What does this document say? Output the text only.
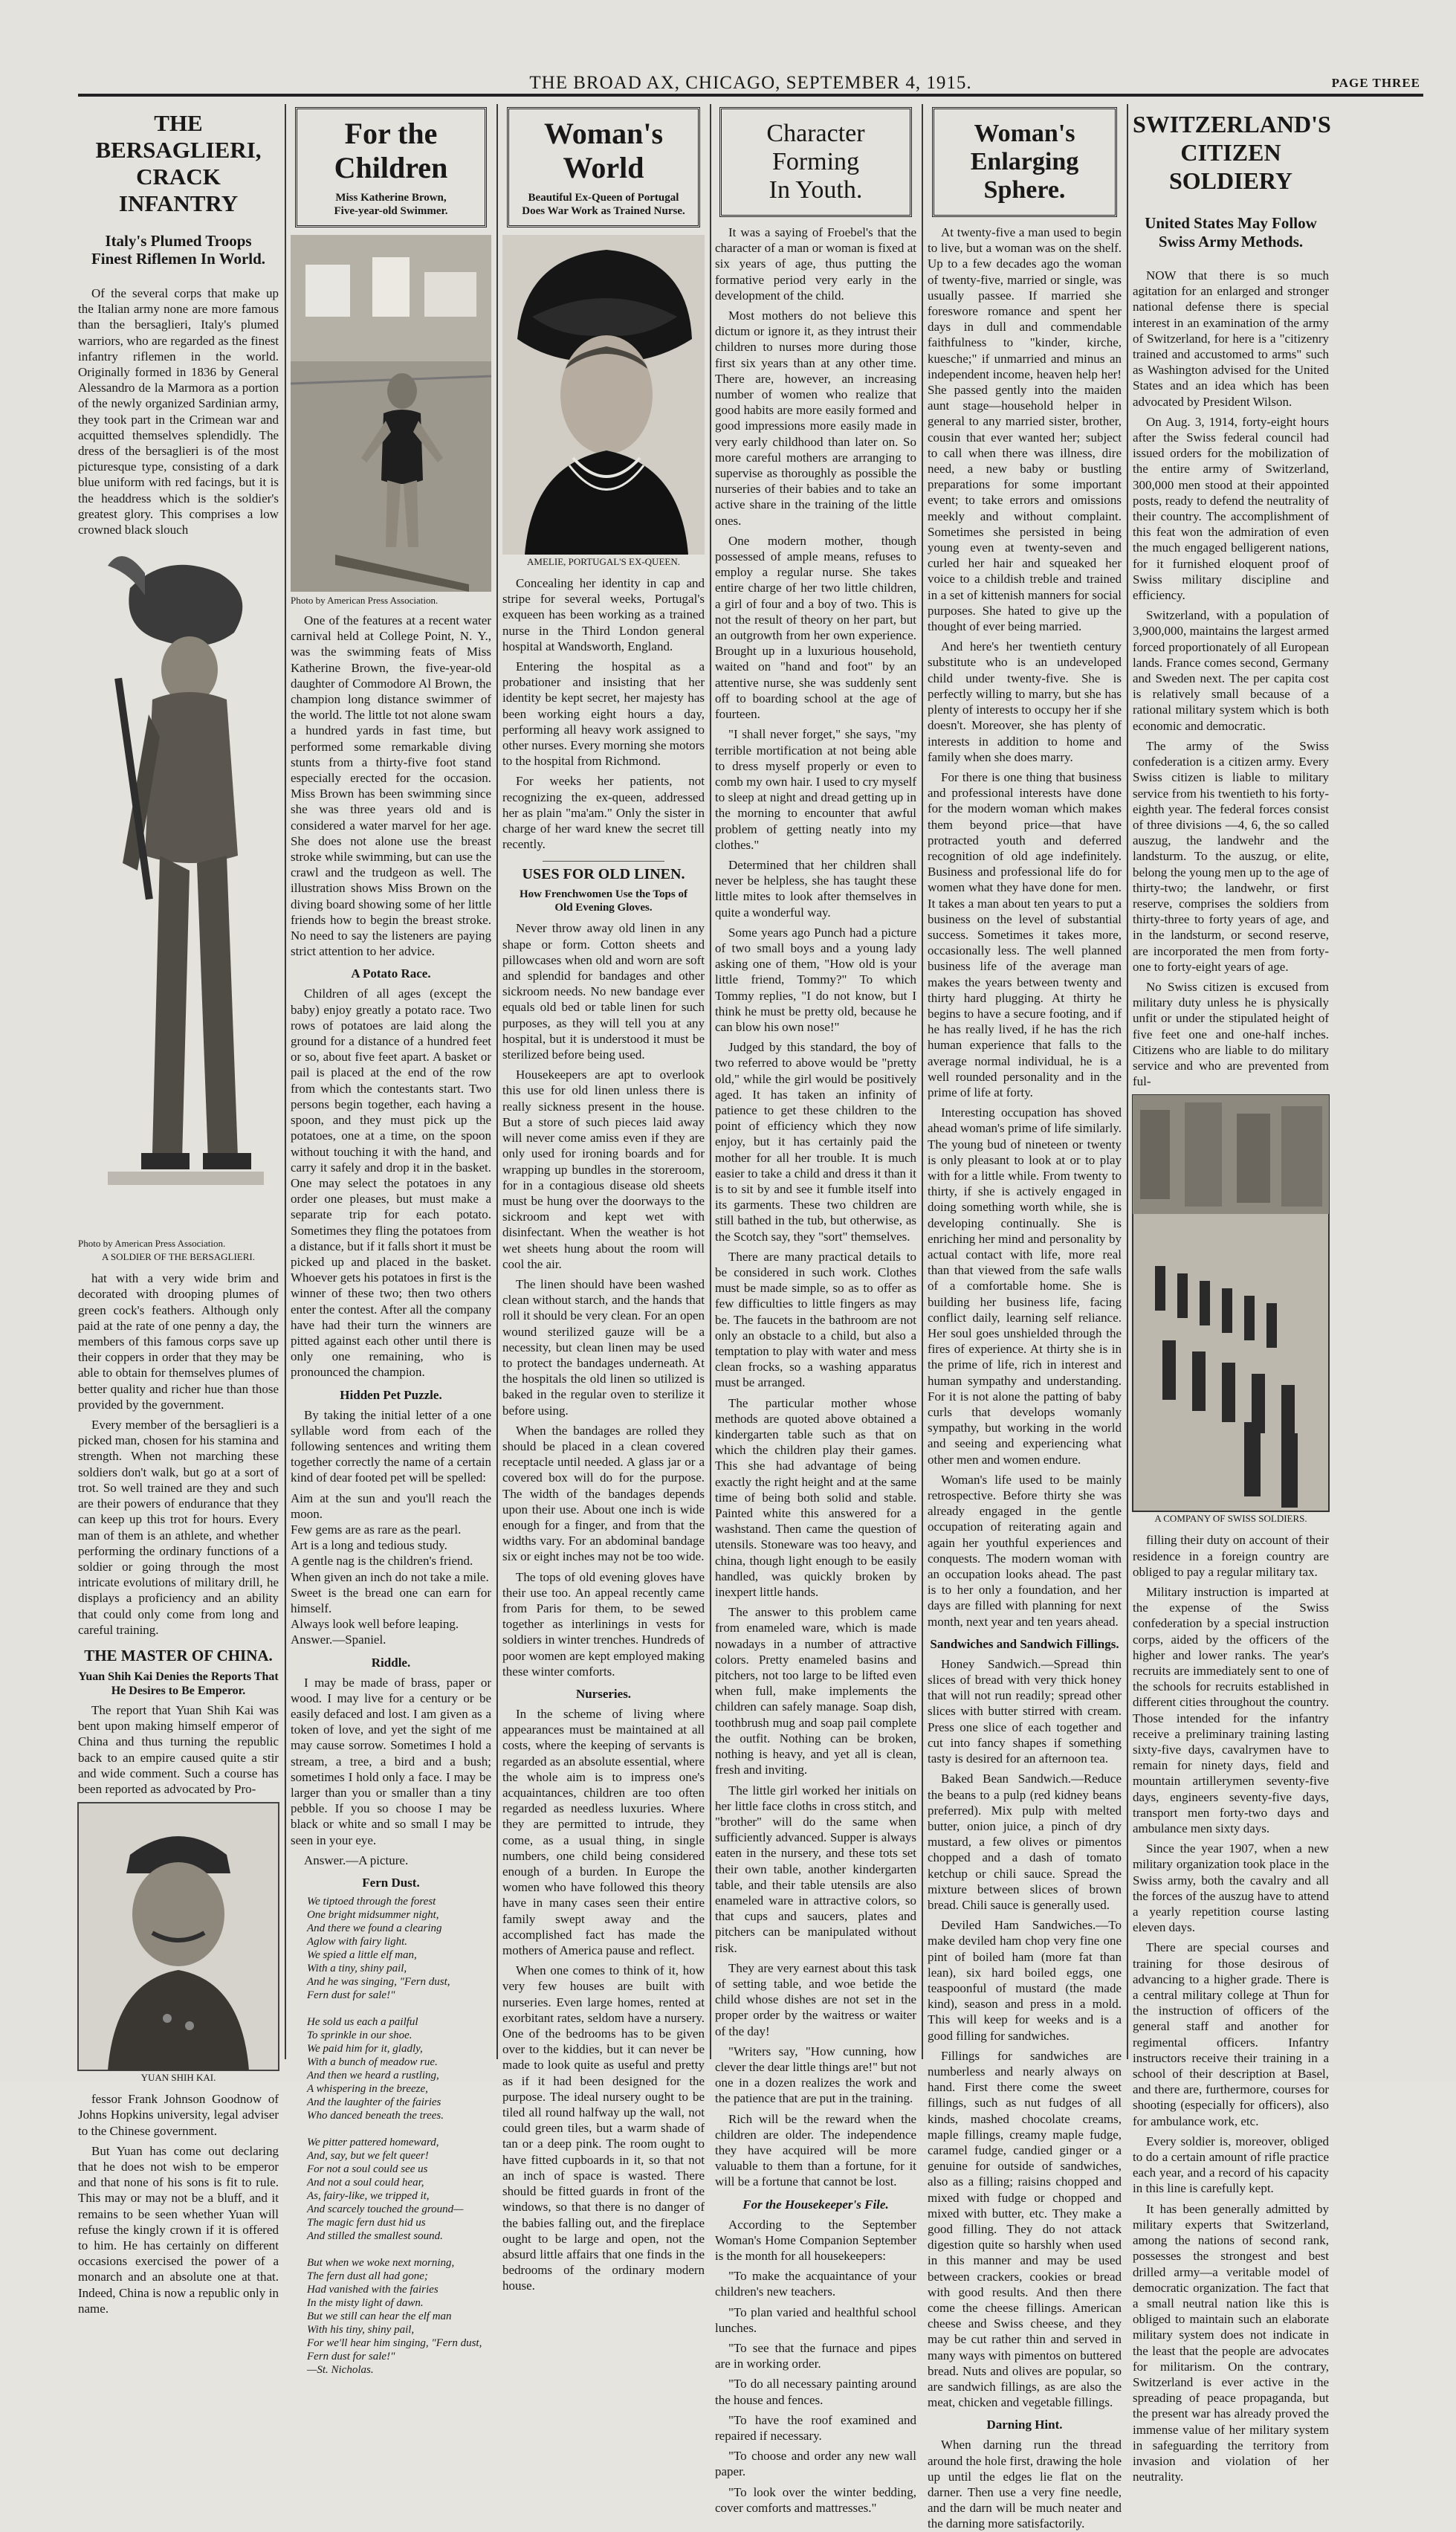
THE BROAD AX, CHICAGO, SEPTEMBER 4, 1915.	PAGE THREE
THE BERSAGLIERI,
CRACK INFANTRY
Italy's Plumed Troops Finest Riflemen In World.

Of the several corps that make up the Italian army none are more famous than the bersaglieri, Italy's plumed warriors, who are regarded as the finest infantry riflemen in the world. Originally formed in 1836 by General Alessandro de la Marmora as a portion of the newly organized Sardinian army, they took part in the Crimean war and acquitted themselves splendidly. The dress of the bersaglieri is of the most picturesque type, consisting of a dark blue uniform with red facings, but it is the headdress which is the soldier's greatest glory. This comprises a low crowned black slouch

Photo by American Press Association.
A SOLDIER OF THE BERSAGLIERI.

hat with a very wide brim and decorated with drooping plumes of green cock's feathers. Although only paid at the rate of one penny a day, the members of this famous corps save up their coppers in order that they may be able to obtain for themselves plumes of better quality and richer hue than those provided by the government.

Every member of the bersaglieri is a picked man, chosen for his stamina and strength. When not marching these soldiers don't walk, but go at a sort of trot. So well trained are they and such are their powers of endurance that they can keep up this trot for hours. Every man of them is an athlete, and whether performing the ordinary functions of a soldier or going through the most intricate evolutions of military drill, he displays a proficiency and an ability that could only come from long and careful training.

THE MASTER OF CHINA.
Yuan Shih Kai Denies the Reports That He Desires to Be Emperor.

The report that Yuan Shih Kai was bent upon making himself emperor of China and thus turning the republic back to an empire caused quite a stir and wide comment. Such a course has been reported as advocated by Pro-

YUAN SHIH KAI.

fessor Frank Johnson Goodnow of Johns Hopkins university, legal adviser to the Chinese government.

But Yuan has come out declaring that he does not wish to be emperor and that none of his sons is fit to rule. This may or may not be a bluff, and it remains to be seen whether Yuan will refuse the kingly crown if it is offered to him. He has certainly on different occasions exercised the power of a monarch and an absolute one at that. Indeed, China is now a republic only in name.

For the Children
Miss Katherine Brown,
Five-year-old Swimmer.
Photo by American Press Association.

One of the features at a recent water carnival held at College Point, N. Y., was the swimming feats of Miss Katherine Brown, the five-year-old daughter of Commodore Al Brown, the champion long distance swimmer of the world. The little tot not alone swam a hundred yards in fast time, but performed some remarkable diving stunts from a thirty-five foot stand especially erected for the occasion. Miss Brown has been swimming since she was three years old and is considered a water marvel for her age. She does not alone use the breast stroke while swimming, but can use the crawl and the trudgeon as well. The illustration shows Miss Brown on the diving board showing some of her little friends how to begin the breast stroke. No need to say the listeners are paying strict attention to her advice.

A Potato Race.

Children of all ages (except the baby) enjoy greatly a potato race. Two rows of potatoes are laid along the ground for a distance of a hundred feet or so, about five feet apart. A basket or pail is placed at the end of the row from which the contestants start. Two persons begin together, each having a spoon, and they must pick up the potatoes, one at a time, on the spoon without touching it with the hand, and carry it safely and drop it in the basket. One may select the potatoes in any order one pleases, but must make a separate trip for each potato. Sometimes they fling the potatoes from a distance, but if it falls short it must be picked up and placed in the basket. Whoever gets his potatoes in first is the winner of these two; then two others enter the contest. After all the company have had their turn the winners are pitted against each other until there is only one remaining, who is pronounced the champion.

Hidden Pet Puzzle.

By taking the initial letter of a one syllable word from each of the following sentences and writing them together correctly the name of a certain kind of dear footed pet will be spelled:

Aim at the sun and you'll reach the moon.
Few gems are as rare as the pearl.
Art is a long and tedious study.
A gentle nag is the children's friend.
When given an inch do not take a mile.
Sweet is the bread one can earn for himself.
Always look well before leaping.
Answer.—Spaniel.

Riddle.

I may be made of brass, paper or wood. I may live for a century or be easily defaced and lost. I am given as a token of love, and yet the sight of me may cause sorrow. Sometimes I hold a stream, a tree, a bird and a bush; sometimes I hold only a face. I may be larger than you or smaller than a tiny pebble. If you so choose I may be black or white and so small I may be seen in your eye.

Answer.—A picture.

Fern Dust.
We tiptoed through the forest
One bright midsummer night,
And there we found a clearing
Aglow with fairy light.
We spied a little elf man,
With a tiny, shiny pail,
And he was singing, "Fern dust,
Fern dust for sale!"

He sold us each a pailful
To sprinkle in our shoe.
We paid him for it, gladly,
With a bunch of meadow rue.
And then we heard a rustling,
A whispering in the breeze,
And the laughter of the fairies
Who danced beneath the trees.

We pitter pattered homeward,
And, say, but we felt queer!
For not a soul could see us
And not a soul could hear,
As, fairy-like, we tripped it,
And scarcely touched the ground—
The magic fern dust hid us
And stilled the smallest sound.

But when we woke next morning,
The fern dust all had gone;
Had vanished with the fairies
In the misty light of dawn.
But we still can hear the elf man
With his tiny, shiny pail,
For we'll hear him singing, "Fern dust,
Fern dust for sale!"
—St. Nicholas.
Woman's World
Beautiful Ex-Queen of Portugal
Does War Work as Trained Nurse.
AMELIE, PORTUGAL'S EX-QUEEN.

Concealing her identity in cap and stripe for several weeks, Portugal's exqueen has been working as a trained nurse in the Third London general hospital at Wandsworth, England.

Entering the hospital as a probationer and insisting that her identity be kept secret, her majesty has been working eight hours a day, performing all heavy work assigned to other nurses. Every morning she motors to the hospital from Richmond.

For weeks her patients, not recognizing the ex-queen, addressed her as plain "ma'am." Only the sister in charge of her ward knew the secret till recently.

USES FOR OLD LINEN.
How Frenchwomen Use the Tops of Old Evening Gloves.

Never throw away old linen in any shape or form. Cotton sheets and pillowcases when old and worn are soft and splendid for bandages and other sickroom needs. No new bandage ever equals old bed or table linen for such purposes, as they will tell you at any hospital, but it is understood it must be sterilized before being used.

Housekeepers are apt to overlook this use for old linen unless there is really sickness present in the house. But a store of such pieces laid away will never come amiss even if they are only used for ironing boards and for wrapping up bundles in the storeroom, for in a contagious disease old sheets must be hung over the doorways to the sickroom and kept wet with disinfectant. When the weather is hot wet sheets hung about the room will cool the air.

The linen should have been washed clean without starch, and the hands that roll it should be very clean. For an open wound sterilized gauze will be a necessity, but clean linen may be used to protect the bandages underneath. At the hospitals the old linen so utilized is baked in the regular oven to sterilize it before using.

When the bandages are rolled they should be placed in a clean covered receptacle until needed. A glass jar or a covered box will do for the purpose. The width of the bandages depends upon their use. About one inch is wide enough for a finger, and from that the widths vary. For an abdominal bandage six or eight inches may not be too wide.

The tops of old evening gloves have their use too. An appeal recently came from Paris for them, to be sewed together as interlinings in vests for soldiers in winter trenches. Hundreds of poor women are kept employed making these winter comforts.

Nurseries.

In the scheme of living where appearances must be maintained at all costs, where the keeping of servants is regarded as an absolute essential, where the whole aim is to impress one's acquaintances, children are too often regarded as needless luxuries. Where they are permitted to intrude, they come, as a usual thing, in single numbers, one child being considered enough of a burden. In Europe the women who have followed this theory have in many cases seen their entire family swept away and the accomplished fact has made the mothers of America pause and reflect.

When one comes to think of it, how very few houses are built with nurseries. Even large homes, rented at exorbitant rates, seldom have a nursery. One of the bedrooms has to be given over to the kiddies, but it can never be made to look quite as useful and pretty as if it had been designed for the purpose. The ideal nursery ought to be tiled all round halfway up the wall, not could green tiles, but a warm shade of tan or a deep pink. The room ought to have fitted cupboards in it, so that not an inch of space is wasted. There should be fitted guards in front of the windows, so that there is no danger of the babies falling out, and the fireplace ought to be large and open, not the absurd little affairs that one finds in the bedrooms of the ordinary modern house.

Character
Forming
In Youth.

It was a saying of Froebel's that the character of a man or woman is fixed at six years of age, thus putting the formative period very early in the development of the child.

Most mothers do not believe this dictum or ignore it, as they intrust their children to nurses more during those first six years than at any other time. There are, however, an increasing number of women who realize that good habits are more easily formed and good impressions more easily made in very early childhood than later on. So more careful mothers are arranging to supervise as thoroughly as possible the nurseries of their babies and to take an active share in the training of the little ones.

One modern mother, though possessed of ample means, refuses to employ a regular nurse. She takes entire charge of her two little children, a girl of four and a boy of two. This is not the result of theory on her part, but an outgrowth from her own experience. Brought up in a luxurious household, waited on "hand and foot" by an attentive nurse, she was suddenly sent off to boarding school at the age of fourteen.

"I shall never forget," she says, "my terrible mortification at not being able to dress myself properly or even to comb my own hair. I used to cry myself to sleep at night and dread getting up in the morning to encounter that awful problem of getting neatly into my clothes."

Determined that her children shall never be helpless, she has taught these little mites to look after themselves in quite a wonderful way.

Some years ago Punch had a picture of two small boys and a young lady asking one of them, "How old is your little friend, Tommy?" To which Tommy replies, "I do not know, but I think he must be pretty old, because he can blow his own nose!"

Judged by this standard, the boy of two referred to above would be "pretty old," while the girl would be positively aged. It has taken an infinity of patience to get these children to the point of efficiency which they now enjoy, but it has certainly paid the mother for all her trouble. It is much easier to take a child and dress it than it is to sit by and see it fumble itself into its garments. These two children are still bathed in the tub, but otherwise, as the Scotch say, they "sort" themselves.

There are many practical details to be considered in such work. Clothes must be made simple, so as to offer as few difficulties to little fingers as may be. The faucets in the bathroom are not only an obstacle to a child, but also a temptation to play with water and mess clean frocks, so a washing apparatus must be arranged.

The particular mother whose methods are quoted above obtained a kindergarten table such as that on which the children play their games. This she had advantage of being exactly the right height and at the same time of being both solid and stable. Painted white this answered for a washstand. Then came the question of utensils. Stoneware was too heavy, and china, though light enough to be easily handled, was quickly broken by inexpert little hands.

The answer to this problem came from enameled ware, which is made nowadays in a number of attractive colors. Pretty enameled basins and pitchers, not too large to be lifted even when full, make implements the children can safely manage. Soap dish, toothbrush mug and soap pail complete the outfit. Nothing can be broken, nothing is heavy, and yet all is clean, fresh and inviting.

The little girl worked her initials on her little face cloths in cross stitch, and "brother" will do the same when sufficiently advanced. Supper is always eaten in the nursery, and these tots set their own table, another kindergarten table, and their table utensils are also enameled ware in attractive colors, so that cups and saucers, plates and pitchers can be manipulated without risk.

They are very earnest about this task of setting table, and woe betide the child whose dishes are not set in the proper order by the waitress or waiter of the day!

"Writers say, "How cunning, how clever the dear little things are!" but not one in a dozen realizes the work and the patience that are put in the training.

Rich will be the reward when the children are older. The independence they have acquired will be more valuable to them than a fortune, for it will be a fortune that cannot be lost.

For the Housekeeper's File.

According to the September Woman's Home Companion September is the month for all housekeepers:

"To make the acquaintance of your children's new teachers.

"To plan varied and healthful school lunches.

"To see that the furnace and pipes are in working order.

"To do all necessary painting around the house and fences.

"To have the roof examined and repaired if necessary.

"To choose and order any new wall paper.

"To look over the winter bedding, cover comforts and mattresses."

Woman's
Enlarging
Sphere.

At twenty-five a man used to begin to live, but a woman was on the shelf. Up to a few decades ago the woman of twenty-five, married or single, was usually passee. If married she foreswore romance and spent her days in dull and commendable faithfulness to "kinder, kirche, kuesche;" if unmarried and minus an independent income, heaven help her! She passed gently into the maiden aunt stage—household helper in general to any married sister, brother, cousin that ever wanted her; subject to call when there was illness, dire need, a new baby or bustling preparations for some important event; to take errors and omissions meekly and without complaint. Sometimes she persisted in being young even at twenty-seven and curled her hair and squeaked her voice to a childish treble and trained in a set of kittenish manners for social purposes. She hated to give up the thought of ever being married.

And here's her twentieth century substitute who is an undeveloped child under twenty-five. She is perfectly willing to marry, but she has plenty of interests to occupy her if she doesn't. Moreover, she has plenty of interests in addition to home and family when she does marry.

For there is one thing that business and professional interests have done for the modern woman which makes them beyond price—that have protracted youth and deferred recognition of old age indefinitely. Business and professional life do for women what they have done for men. It takes a man about ten years to put a business on the level of substantial success. Sometimes it takes more, occasionally less. The well planned business life of the average man makes the years between twenty and thirty hard plugging. At thirty he begins to have a secure footing, and if he has really lived, if he has the rich human experience that falls to the average normal individual, he is a well rounded personality and in the prime of life at forty.

Interesting occupation has shoved ahead woman's prime of life similarly. The young bud of nineteen or twenty is only pleasant to look at or to play with for a little while. From twenty to thirty, if she is actively engaged in doing something worth while, she is developing continually. She is enriching her mind and personality by actual contact with life, more real than that viewed from the safe walls of a comfortable home. She is building her business life, facing conflict daily, learning self reliance. Her soul goes unshielded through the fires of experience. At thirty she is in the prime of life, rich in interest and human sympathy and understanding. For it is not alone the patting of baby curls that develops womanly sympathy, but working in the world and seeing and experiencing what other men and women endure.

Woman's life used to be mainly retrospective. Before thirty she was already engaged in the gentle occupation of reiterating again and again her youthful experiences and conquests. The modern woman with an occupation looks ahead. The past is to her only a foundation, and her days are filled with planning for next month, next year and ten years ahead.

Sandwiches and Sandwich Fillings.

Honey Sandwich.—Spread thin slices of bread with very thick honey that will not run readily; spread other slices with butter stirred with cream. Press one slice of each together and cut into fancy shapes if something tasty is desired for an afternoon tea.

Baked Bean Sandwich.—Reduce the beans to a pulp (red kidney beans preferred). Mix pulp with melted butter, onion juice, a pinch of dry mustard, a few olives or pimentos chopped and a dash of tomato ketchup or chili sauce. Spread the mixture between slices of brown bread. Chili sauce is generally used.

Deviled Ham Sandwiches.—To make deviled ham chop very fine one pint of boiled ham (more fat than lean), six hard boiled eggs, one teaspoonful of mustard (the made kind), season and press in a mold. This will keep for weeks and is a good filling for sandwiches.

Fillings for sandwiches are numberless and nearly always on hand. First there come the sweet fillings, such as nut fudges of all kinds, mashed chocolate creams, maple fillings, creamy maple fudge, caramel fudge, candied ginger or a genuine for outside of sandwiches, also as a filling; raisins chopped and mixed with fudge or chopped and mixed with butter, etc. They make a good filling. They do not attack digestion quite so harshly when used in this manner and may be used between crackers, cookies or bread with good results. And then there come the cheese fillings. American cheese and Swiss cheese, and they may be cut rather thin and served in many ways with pimentos on buttered bread. Nuts and olives are popular, so are sandwich fillings, as are also the meat, chicken and vegetable fillings.

Darning Hint.

When darning run the thread around the hole first, drawing the hole up until the edges lie flat on the darner. Then use a very fine needle, and the darn will be much neater and the darning more satisfactorily.

SWITZERLAND'S
CITIZEN SOLDIERY
United States May Follow Swiss Army Methods.

NOW that there is so much agitation for an enlarged and stronger national defense there is special interest in an examination of the army of Switzerland, for here is a "citizenry trained and accustomed to arms" such as Washington advised for the United States and an idea which has been advocated by President Wilson.

On Aug. 3, 1914, forty-eight hours after the Swiss federal council had issued orders for the mobilization of the entire army of Switzerland, 300,000 men stood at their appointed posts, ready to defend the neutrality of their country. The accomplishment of this feat won the admiration of even the much engaged belligerent nations, for it furnished eloquent proof of Swiss military discipline and efficiency.

Switzerland, with a population of 3,900,000, maintains the largest armed forced proportionately of all European lands. France comes second, Germany and Sweden next. The per capita cost is relatively small because of a rational military system which is both economic and democratic.

The army of the Swiss confederation is a citizen army. Every Swiss citizen is liable to military service from his twentieth to his forty-eighth year. The federal forces consist of three divisions —4, 6, the so called auszug, the landwehr and the landsturm. To the auszug, or elite, belong the young men up to the age of thirty-two; the landwehr, or first reserve, comprises the soldiers from thirty-three to forty years of age, and in the landsturm, or second reserve, are incorporated the men from forty-one to forty-eight years of age.

No Swiss citizen is excused from military duty unless he is physically unfit or under the stipulated height of five feet one and one-half inches. Citizens who are liable to do military service and who are prevented from ful-

A COMPANY OF SWISS SOLDIERS.

filling their duty on account of their residence in a foreign country are obliged to pay a regular military tax.

Military instruction is imparted at the expense of the Swiss confederation by a special instruction corps, aided by the officers of the higher and lower ranks. The year's recruits are immediately sent to one of the schools for recruits established in different cities throughout the country. Those intended for the infantry receive a preliminary training lasting sixty-five days, cavalrymen have to remain for ninety days, field and mountain artillerymen seventy-five days, engineers seventy-five days, transport men forty-two days and ambulance men sixty days.

Since the year 1907, when a new military organization took place in the Swiss army, both the cavalry and all the forces of the auszug have to attend a yearly repetition course lasting eleven days.

There are special courses and training for those desirous of advancing to a higher grade. There is a central military college at Thun for the instruction of officers of the general staff and another for regimental officers. Infantry instructors receive their training in a school of their description at Basel, and there are, furthermore, courses for shooting (especially for officers), also for ambulance work, etc.

Every soldier is, moreover, obliged to do a certain amount of rifle practice each year, and a record of his capacity in this line is carefully kept.

It has been generally admitted by military experts that Switzerland, among the nations of second rank, possesses the strongest and best drilled army—a veritable model of democratic organization. The fact that a small neutral nation like this is obliged to maintain such an elaborate military system does not indicate in the least that the people are advocates for militarism. On the contrary, Switzerland is ever active in the spreading of peace propaganda, but the present war has already proved the immense value of her military system in safeguarding the territory from invasion and violation of her neutrality.
